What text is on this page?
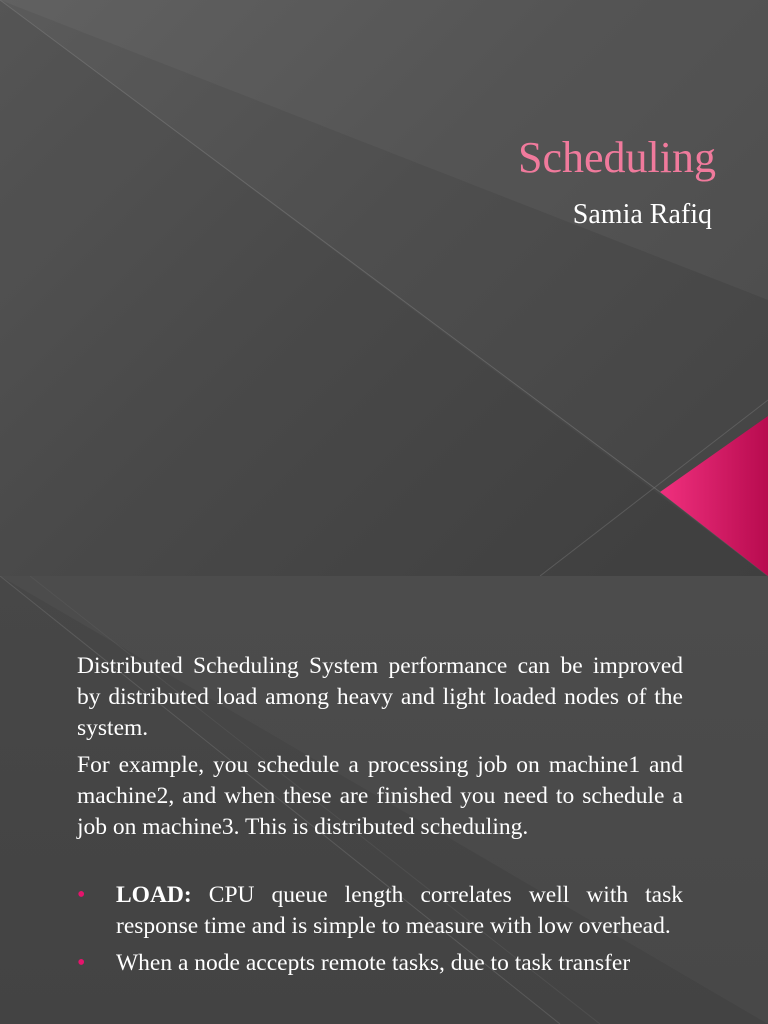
Scheduling

Samia Rafiq

Distributed Scheduling System performance can be improved by distributed load among heavy and light loaded nodes of the system.

For example, you schedule a processing job on machine1 and machine2, and when these are finished you need to schedule a job on machine3. This is distributed scheduling.

• LOAD: CPU queue length correlates well with task response time and is simple to measure with low overhead.
• When a node accepts remote tasks, due to task transfer
